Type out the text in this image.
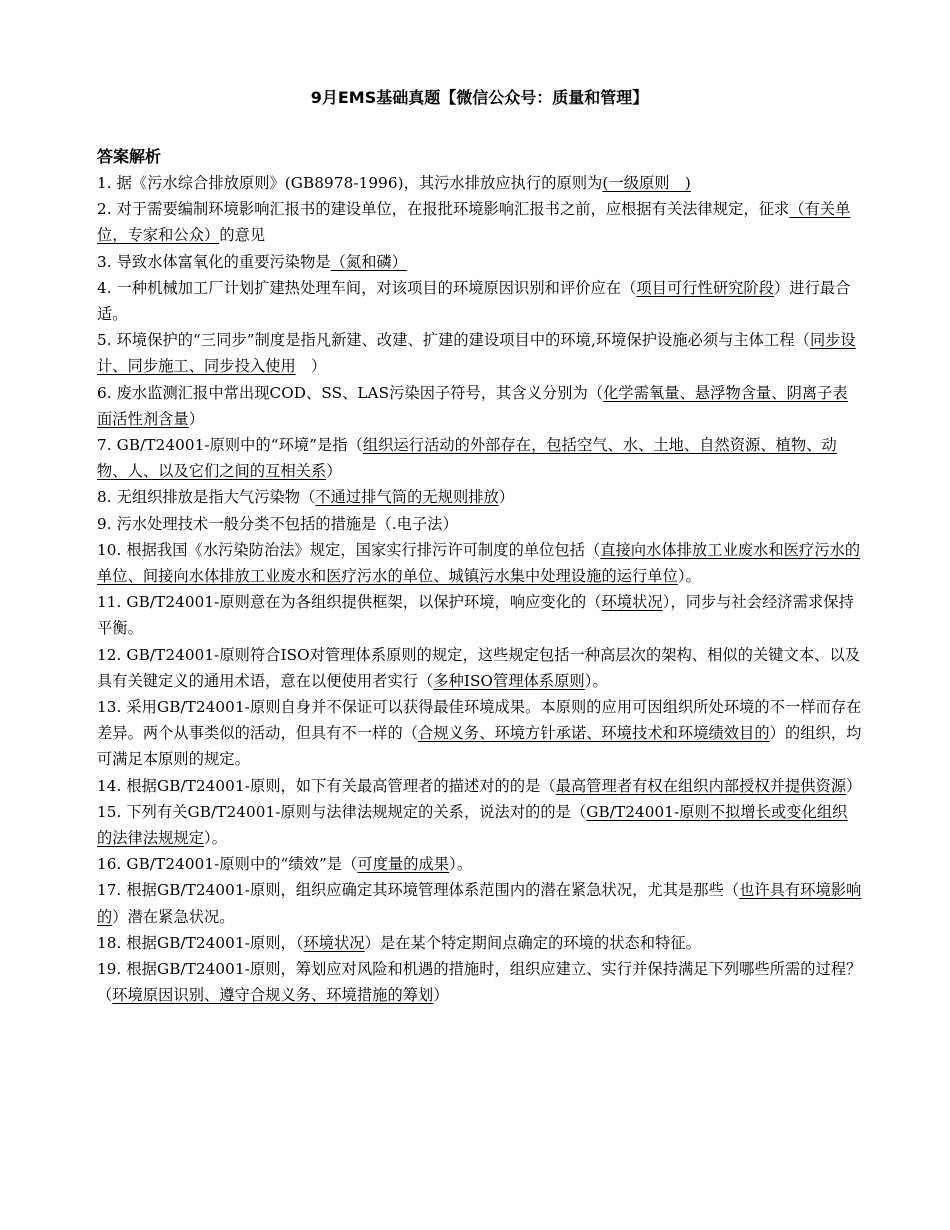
9月EMS基础真题【微信公众号：质量和管理】
答案解析

1. 据《污水综合排放原则》(GB8978-1996)，其污水排放应执行的原则为(一级原则　)

2. 对于需要编制环境影响汇报书的建设单位，在报批环境影响汇报书之前，应根据有关法律规定，征求（有关单位，专家和公众）的意见

3. 导致水体富氧化的重要污染物是（氮和磷）

4. 一种机械加工厂计划扩建热处理车间，对该项目的环境原因识别和评价应在（项目可行性研究阶段）进行最合适。

5. 环境保护的“三同步”制度是指凡新建、改建、扩建的建设项目中的环境,环境保护设施必须与主体工程（同步设计、同步施工、同步投入使用　）

6. 废水监测汇报中常出现COD、SS、LAS污染因子符号，其含义分别为（化学需氧量、悬浮物含量、阴离子表面活性剂含量）

7. GB/T24001-原则中的“环境”是指（组织运行活动的外部存在，包括空气、水、土地、自然资源、植物、动物、人、以及它们之间的互相关系）

8. 无组织排放是指大气污染物（不通过排气筒的无规则排放）

9. 污水处理技术一般分类不包括的措施是（.电子法）

10. 根据我国《水污染防治法》规定，国家实行排污许可制度的单位包括（直接向水体排放工业废水和医疗污水的单位、间接向水体排放工业废水和医疗污水的单位、城镇污水集中处理设施的运行单位）。

11. GB/T24001-原则意在为各组织提供框架，以保护环境，响应变化的（环境状况），同步与社会经济需求保持平衡。

12. GB/T24001-原则符合ISO对管理体系原则的规定，这些规定包括一种高层次的架构、相似的关键文本、以及具有关键定义的通用术语，意在以便使用者实行（多种ISO管理体系原则）。

13. 采用GB/T24001-原则自身并不保证可以获得最佳环境成果。本原则的应用可因组织所处环境的不一样而存在差异。两个从事类似的活动，但具有不一样的（合规义务、环境方针承诺、环境技术和环境绩效目的）的组织，均可满足本原则的规定。

14. 根据GB/T24001-原则，如下有关最高管理者的描述对的的是（最高管理者有权在组织内部授权并提供资源）

15. 下列有关GB/T24001-原则与法律法规规定的关系，说法对的的是（GB/T24001-原则不拟增长或变化组织的法律法规规定）。

16. GB/T24001-原则中的“绩效”是（可度量的成果）。

17. 根据GB/T24001-原则，组织应确定其环境管理体系范围内的潜在紧急状况，尤其是那些（也许具有环境影响的）潜在紧急状况。

18. 根据GB/T24001-原则，（环境状况）是在某个特定期间点确定的环境的状态和特征。

19. 根据GB/T24001-原则，筹划应对风险和机遇的措施时，组织应建立、实行并保持满足下列哪些所需的过程？（环境原因识别、遵守合规义务、环境措施的筹划）
